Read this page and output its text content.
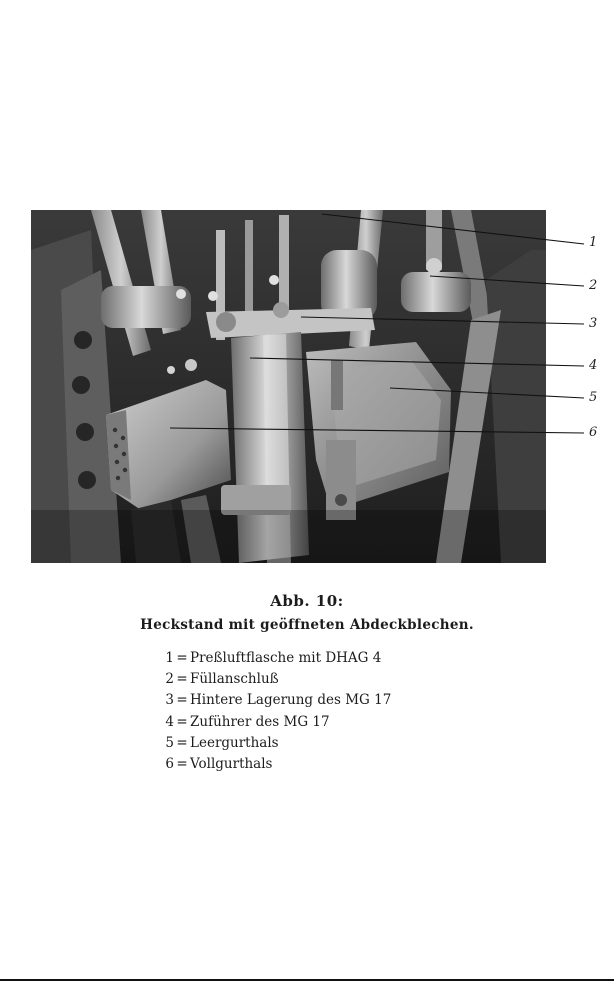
1
2
3
4
5
6
Abb. 10:
Heckstand mit geöffneten Abdeckblechen.
1 = Preßluftflasche mit DHAG 4
2 = Füllanschluß
3 = Hintere Lagerung des MG 17
4 = Zuführer des MG 17
5 = Leergurthals
6 = Vollgurthals
